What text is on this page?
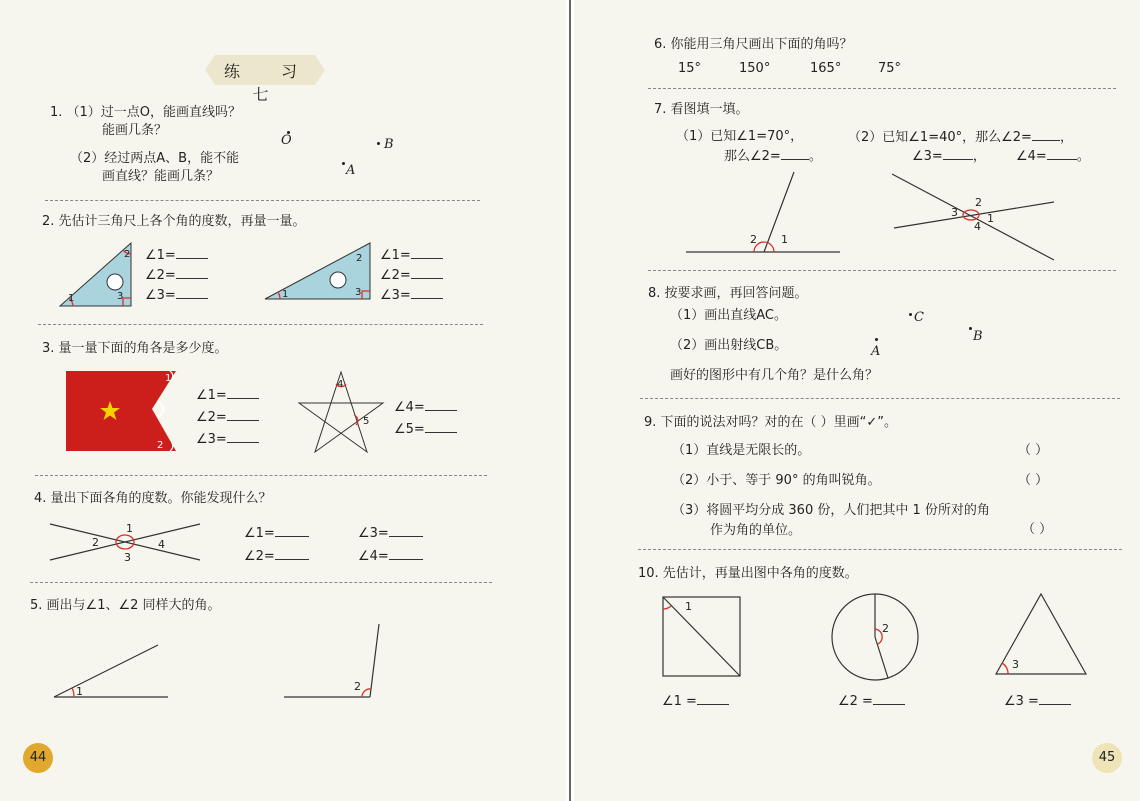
练 习 七
1. （1）过一点O，能画直线吗？
能画几条？
（2）经过两点A、B，能不能
画直线？能画几条？
O	B
A
2. 先估计三角尺上各个角的度数，再量一量。
1
2
3
∠1=
∠2=
∠3=	1
2
3
∠1=
∠2=
∠3=
3. 量一量下面的角各是多少度。
1
3
2
∠1=
∠2=
∠3=
4
5
∠4=
∠5=
4. 量出下面各角的度数。你能发现什么？
1
2
3
4
∠1=
∠2=
∠3=
∠4=
5. 画出与∠1、∠2 同样大的角。
1	2
44
6. 你能用三角尺画出下面的角吗？
15°	150°	165°	75°
7. 看图填一填。
（1）已知∠1=70°，
那么∠2= 。
（2）已知∠1=40°，那么∠2= ，
∠3= ， ∠4= 。
2 1
2
3	1
4
8. 按要求画，再回答问题。
（1）画出直线AC。
（2）画出射线CB。
画好的图形中有几个角？是什么角？
C
B
A
9. 下面的说法对吗？对的在（ ）里画“✓”。
（1）直线是无限长的。	（ ）
（2）小于、等于 90° 的角叫锐角。	（ ）
（3）将圆平均分成 360 份，人们把其中 1 份所对的角
作为角的单位。	（ ）
10. 先估计，再量出图中各角的度数。
1
2
3
∠1 =	∠2 =	∠3 =
45
